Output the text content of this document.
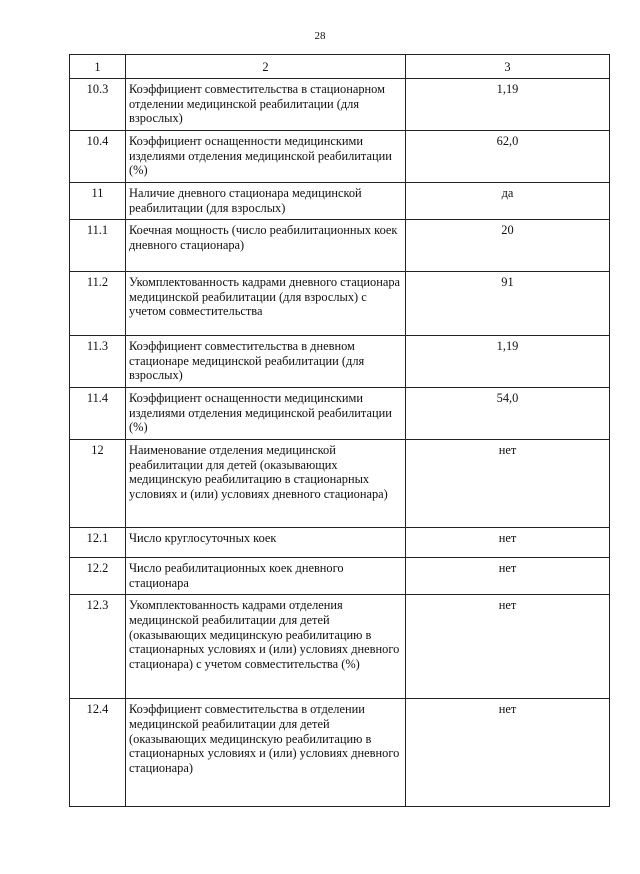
28
1	2	3
10.3	Коэффициент совместительства в стационарном отделении медицинской реабилитации (для взрослых)	1,19
10.4	Коэффициент оснащенности медицинскими изделиями отделения медицинской реабилитации (%)	62,0
11	Наличие дневного стационара медицинской реабилитации (для взрослых)	да
11.1	Коечная мощность (число реабилитационных коек дневного стационара)	20
11.2	Укомплектованность кадрами дневного стационара медицинской реабилитации (для взрослых) с учетом совместительства	91
11.3	Коэффициент совместительства в дневном стационаре медицинской реабилитации (для взрослых)	1,19
11.4	Коэффициент оснащенности медицинскими изделиями отделения медицинской реабилитации (%)	54,0
12	Наименование отделения медицинской реабилитации для детей (оказывающих медицинскую реабилитацию в стационарных условиях и (или) условиях дневного стационара)	нет
12.1	Число круглосуточных коек	нет
12.2	Число реабилитационных коек дневного стационара	нет
12.3	Укомплектованность кадрами отделения медицинской реабилитации для детей (оказывающих медицинскую реабилитацию в стационарных условиях и (или) условиях дневного стационара) с учетом совместительства (%)	нет
12.4	Коэффициент совместительства в отделении медицинской реабилитации для детей (оказывающих медицинскую реабилитацию в стационарных условиях и (или) условиях дневного стационара)	нет
